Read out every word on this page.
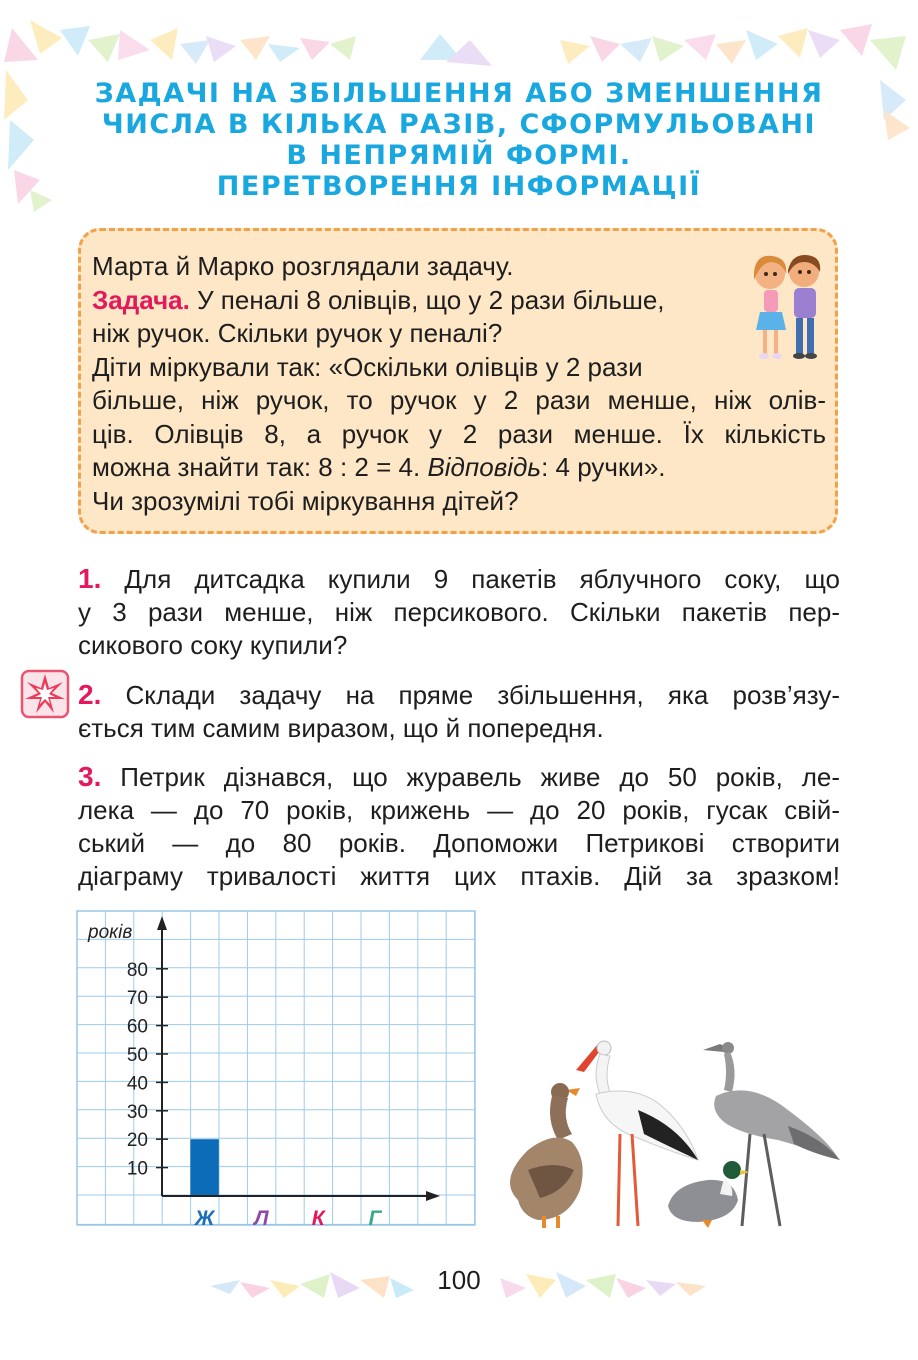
ЗАДАЧІ НА ЗБІЛЬШЕННЯ АБО ЗМЕНШЕННЯ
ЧИСЛА В КІЛЬКА РАЗІВ, СФОРМУЛЬОВАНІ
В НЕПРЯМІЙ ФОРМІ.
ПЕРЕТВОРЕННЯ ІНФОРМАЦІЇ
Марта й Марко розглядали задачу.
Задача. У пеналі 8 олівців, що у 2 рази більше,
ніж ручок. Скільки ручок у пеналі?
Діти міркували так: «Оскільки олівців у 2 рази
більше, ніж ручок, то ручок у 2 рази менше, ніж олів-
ців. Олівців 8, а ручок у 2 рази менше. Їх кількість
можна знайти так: 8 : 2 = 4. Відповідь: 4 ручки».
Чи зрозумілі тобі міркування дітей?
1. Для дитсадка купили 9 пакетів яблучного соку, що
у 3 рази менше, ніж персикового. Скільки пакетів пер-
сикового соку купили?
2. Склади задачу на пряме збільшення, яка розв’язу-
ється тим самим виразом, що й попередня.
3. Петрик дізнався, що журавель живе до 50 років, ле-
лека — до 70 років, крижень — до 20 років, гусак свій-
ський — до 80 років. Допоможи Петрикові створити
діаграму тривалості життя цих птахів. Дій за зразком!
років
10
20
30
40
50
60
70
80
Ж Л К Г
100
